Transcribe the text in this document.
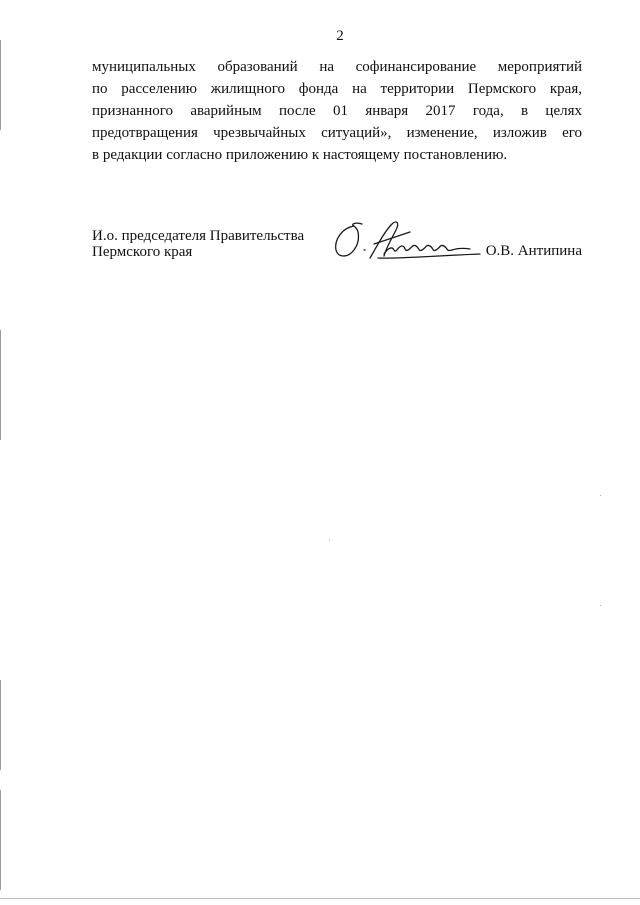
2
муниципальных образований на софинансирование мероприятий
по расселению жилищного фонда на территории Пермского края,
признанного аварийным после 01 января 2017 года, в целях
предотвращения чрезвычайных ситуаций», изменение, изложив его
в редакции согласно приложению к настоящему постановлению.
И.о. председателя Правительства
Пермского края	О.В. Антипина
